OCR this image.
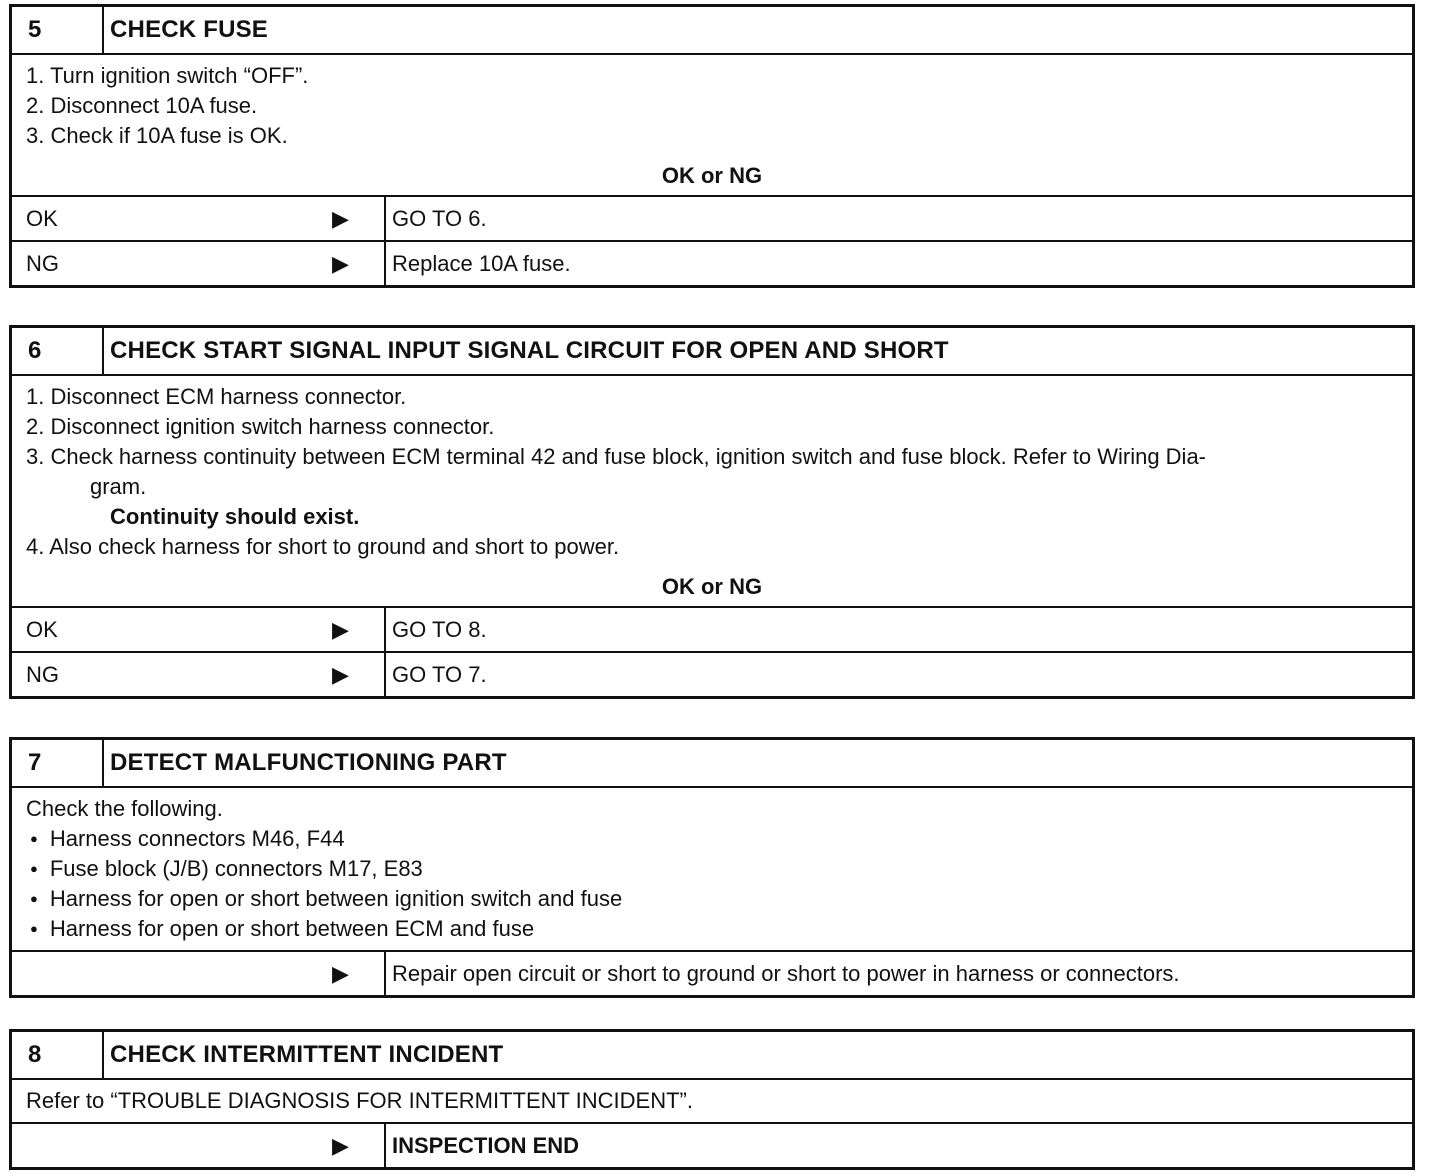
5	CHECK FUSE
1. Turn ignition switch “OFF”.
2. Disconnect 10A fuse.
3. Check if 10A fuse is OK.
OK or NG
OK	▶	GO TO 6.
NG	▶	Replace 10A fuse.
6	CHECK START SIGNAL INPUT SIGNAL CIRCUIT FOR OPEN AND SHORT
1. Disconnect ECM harness connector.
2. Disconnect ignition switch harness connector.
3. Check harness continuity between ECM terminal 42 and fuse block, ignition switch and fuse block. Refer to Wiring Dia-
gram.
Continuity should exist.
4. Also check harness for short to ground and short to power.
OK or NG
OK	▶	GO TO 8.
NG	▶	GO TO 7.
7	DETECT MALFUNCTIONING PART
Check the following.
● Harness connectors M46, F44
● Fuse block (J/B) connectors M17, E83
● Harness for open or short between ignition switch and fuse
● Harness for open or short between ECM and fuse
▶	Repair open circuit or short to ground or short to power in harness or connectors.
8	CHECK INTERMITTENT INCIDENT
Refer to “TROUBLE DIAGNOSIS FOR INTERMITTENT INCIDENT”.
▶	INSPECTION END
